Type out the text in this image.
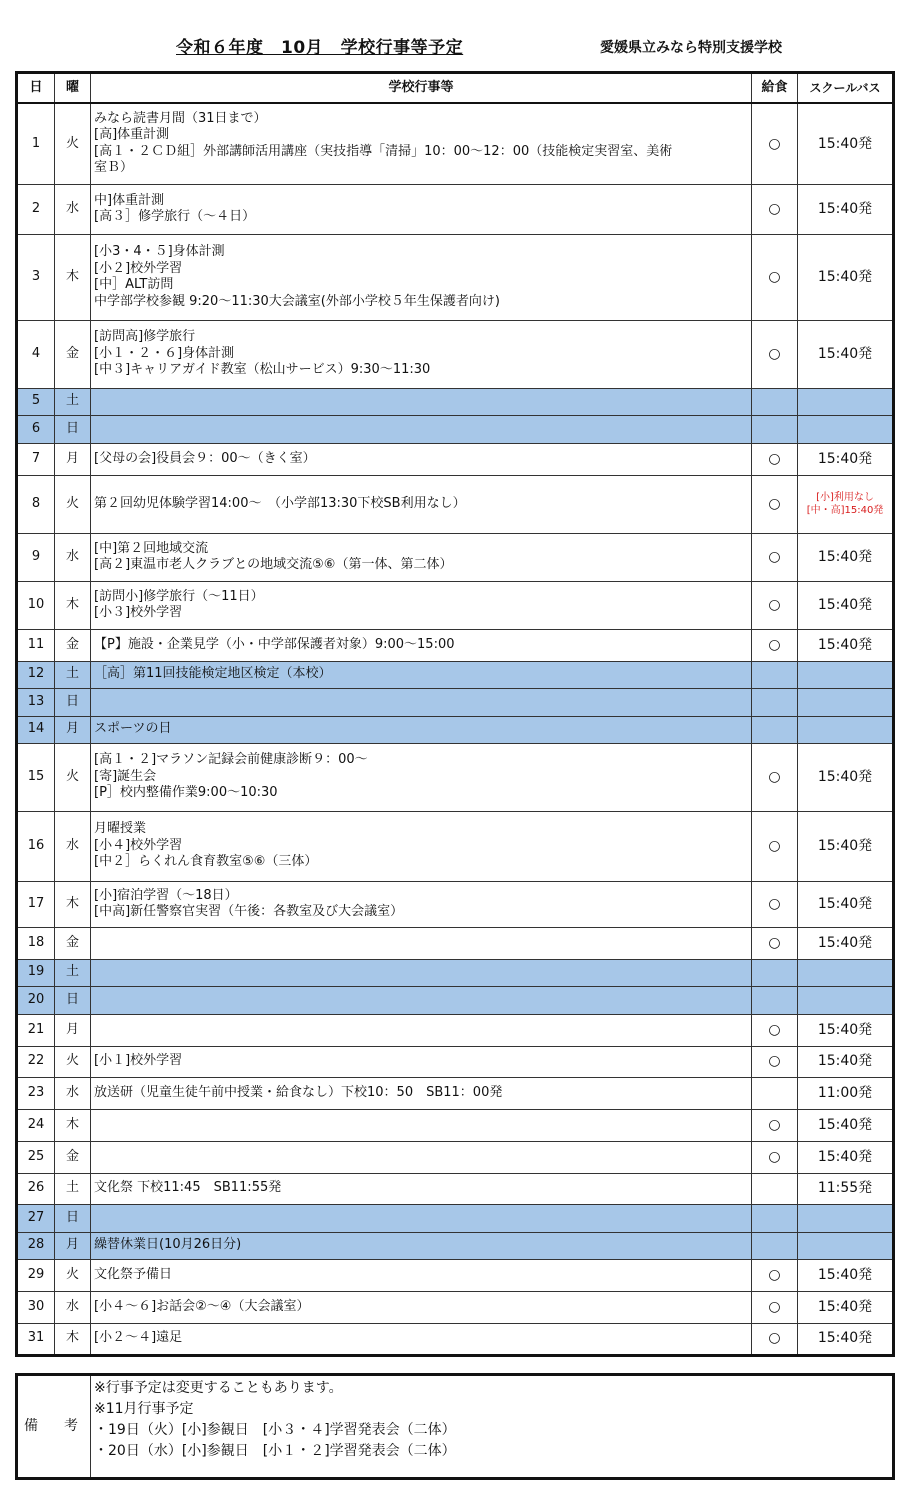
令和６年度　10月　学校行事等予定	愛媛県立みなら特別支援学校
日	曜	学校行事等	給食	スクールバス
1	火	みなら読書月間（31日まで）
[高]体重計測
[高１・２ＣＤ組］外部講師活用講座（実技指導「清掃」10：00～12：00（技能検定実習室、美術
室Ｂ）	○	15:40発
2	水	中]体重計測
[高３］修学旅行（～４日）	○	15:40発
3	木	[小3・4・５]身体計測
[小２]校外学習
[中］ALT訪問
中学部学校参観 9:20～11:30大会議室(外部小学校５年生保護者向け)	○	15:40発
4	金	[訪問高]修学旅行
[小１・２・６]身体計測
[中３]キャリアガイド教室（松山サービス）9:30～11:30	○	15:40発
5	土			
6	日			
7	月	[父母の会]役員会９：00～（きく室）	○	15:40発
8	火	第２回幼児体験学習14:00～　（小学部13:30下校SB利用なし）	○	[小]利用なし
[中・高]15:40発

9	水	[中]第２回地域交流
[高２]東温市老人クラブとの地域交流⑤⑥（第一体、第二体）	○	15:40発
10	木	[訪問小]修学旅行（～11日）
[小３]校外学習	○	15:40発
11	金	【P】施設・企業見学（小・中学部保護者対象）9:00～15:00	○	15:40発
12	土	［高］第11回技能検定地区検定（本校）		

13	日			
14	月	スポーツの日		

15	火	[高１・２]マラソン記録会前健康診断９：00～
[寄]誕生会
[P］校内整備作業9:00～10:30	○	15:40発
16	水	月曜授業
[小４]校外学習
[中２］らくれん食育教室⑤⑥（三体）	○	15:40発
17	木	[小]宿泊学習（～18日）
[中高]新任警察官実習（午後：各教室及び大会議室）	○	15:40発
18	金		○	15:40発
19	土			
20	日			
21	月		○	15:40発
22	火	[小１]校外学習	○	15:40発
23	水	放送研（児童生徒午前中授業・給食なし）下校10：50　SB11：00発		11:00発
24	木		○	15:40発
25	金		○	15:40発
26	土	文化祭 下校11:45　SB11:55発		11:55発
27	日			
28	月	繰替休業日(10月26日分)		

29	火	文化祭予備日	○	15:40発
30	水	[小４～６]お話会②～④（大会議室）	○	15:40発
31	木	[小２～４]遠足	○	15:40発
備　考	
※行事予定は変更することもあります。
※11月行事予定
・19日（火）[小]参観日　[小３・４]学習発表会（二体）
・20日（水）[小]参観日　[小１・２]学習発表会（二体）
